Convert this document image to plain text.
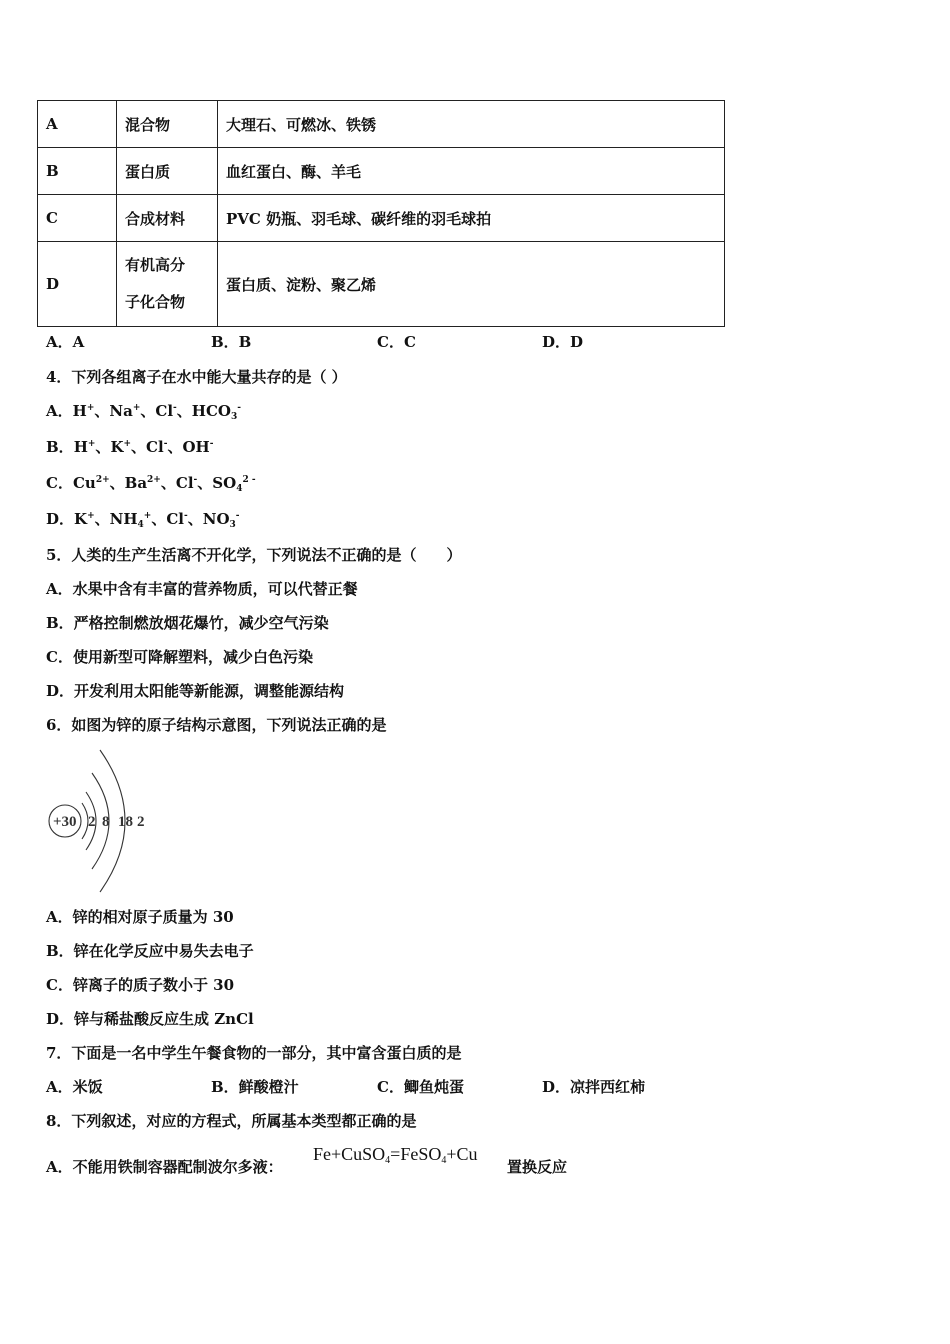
A	混合物	大理石、可燃冰、铁锈
B	蛋白质	血红蛋白、酶、羊毛
C	合成材料	PVC 奶瓶、羽毛球、碳纤维的羽毛球拍
D	有机高分
子化合物	蛋白质、淀粉、聚乙烯
A．A	B．B	C．C	D．D
4．下列各组离子在水中能大量共存的是（ ）
A．H+、Na+、Cl-、$HCO_3^-$
B．H+、K+、Cl-、OH-
C．$Cu^{2+}$、$Ba^{2+}$、Cl-、$SO_4^{2 -}$
D．K+、$NH_4^+$、Cl-、$NO_3^-$
5．人类的生产生活离不开化学，下列说法不正确的是（　　）
A．水果中含有丰富的营养物质，可以代替正餐
B．严格控制燃放烟花爆竹，减少空气污染
C．使用新型可降解塑料，减少白色污染
D．开发利用太阳能等新能源，调整能源结构
6．如图为锌的原子结构示意图，下列说法正确的是
+30 2 8 18 2
A．锌的相对原子质量为 30
B．锌在化学反应中易失去电子
C．锌离子的质子数小于 30
D．锌与稀盐酸反应生成 ZnCl
7．下面是一名中学生午餐食物的一部分，其中富含蛋白质的是
A．米饭	B．鲜酸橙汁	C．鲫鱼炖蛋	D．凉拌西红柿
8．下列叙述，对应的方程式，所属基本类型都正确的是
A．不能用铁制容器配制波尔多液：
Fe+CuSO$_4$=FeSO$_4$+Cu
置换反应
